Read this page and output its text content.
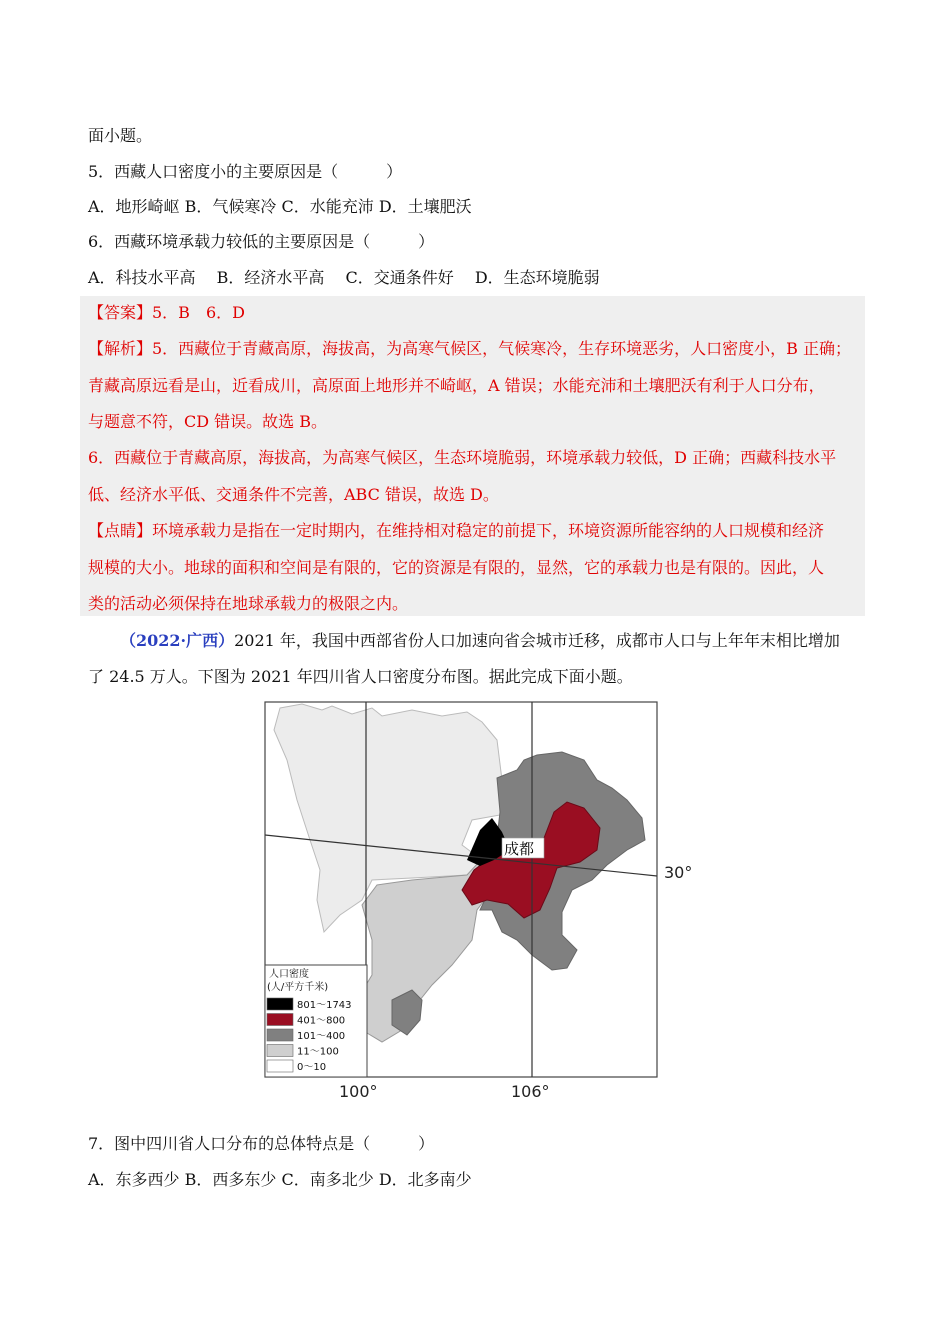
面小题。
5．西藏人口密度小的主要原因是（　　　）
A．地形崎岖 B．气候寒冷 C．水能充沛 D．土壤肥沃
6．西藏环境承载力较低的主要原因是（　　　）
A．科技水平高　 B．经济水平高　 C．交通条件好　 D．生态环境脆弱
【答案】5．B　6．D
【解析】5．西藏位于青藏高原，海拔高，为高寒气候区，气候寒冷，生存环境恶劣，人口密度小，B 正确；
青藏高原远看是山，近看成川，高原面上地形并不崎岖，A 错误；水能充沛和土壤肥沃有利于人口分布，
与题意不符，CD 错误。故选 B。
6．西藏位于青藏高原，海拔高，为高寒气候区，生态环境脆弱，环境承载力较低，D 正确；西藏科技水平
低、经济水平低、交通条件不完善，ABC 错误，故选 D。
【点睛】环境承载力是指在一定时期内，在维持相对稳定的前提下，环境资源所能容纳的人口规模和经济
规模的大小。地球的面积和空间是有限的，它的资源是有限的，显然，它的承载力也是有限的。因此，人
类的活动必须保持在地球承载力的极限之内。
（2022·广西）2021 年，我国中西部省份人口加速向省会城市迁移，成都市人口与上年年末相比增加
了 24.5 万人。下图为 2021 年四川省人口密度分布图。据此完成下面小题。
成都
30°
100°	106°
人口密度
(人/平方千米)
801～1743
401～800
101～400
11～100
0～10
7．图中四川省人口分布的总体特点是（　　　）
A．东多西少 B．西多东少 C．南多北少 D．北多南少
